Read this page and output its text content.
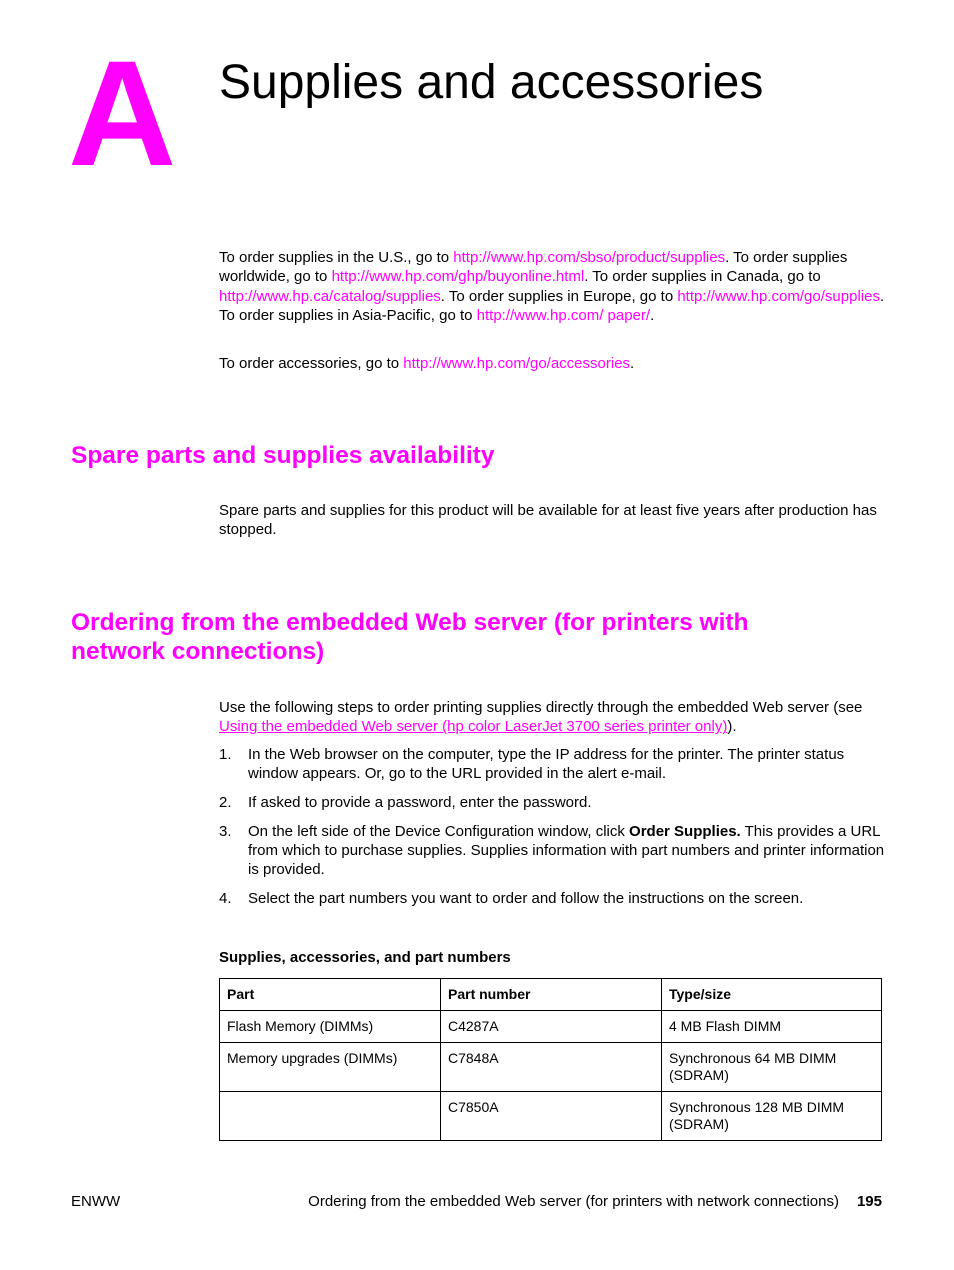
A Supplies and accessories
To order supplies in the U.S., go to http://www.hp.com/sbso/product/supplies. To order supplies worldwide, go to http://www.hp.com/ghp/buyonline.html. To order supplies in Canada, go to http://www.hp.ca/catalog/supplies. To order supplies in Europe, go to http://www.hp.com/go/supplies. To order supplies in Asia-Pacific, go to http://www.hp.com/ paper/.
To order accessories, go to http://www.hp.com/go/accessories.
Spare parts and supplies availability
Spare parts and supplies for this product will be available for at least five years after production has stopped.
Ordering from the embedded Web server (for printers with network connections)
Use the following steps to order printing supplies directly through the embedded Web server (see Using the embedded Web server (hp color LaserJet 3700 series printer only)).
1. In the Web browser on the computer, type the IP address for the printer. The printer status window appears. Or, go to the URL provided in the alert e-mail.
2. If asked to provide a password, enter the password.
3. On the left side of the Device Configuration window, click Order Supplies. This provides a URL from which to purchase supplies. Supplies information with part numbers and printer information is provided.
4. Select the part numbers you want to order and follow the instructions on the screen.
Supplies, accessories, and part numbers
Part	Part number	Type/size
Flash Memory (DIMMs)	C4287A	4 MB Flash DIMM
Memory upgrades (DIMMs)	C7848A	Synchronous 64 MB DIMM (SDRAM)
	C7850A	Synchronous 128 MB DIMM (SDRAM)
ENWW	Ordering from the embedded Web server (for printers with network connections) 195
